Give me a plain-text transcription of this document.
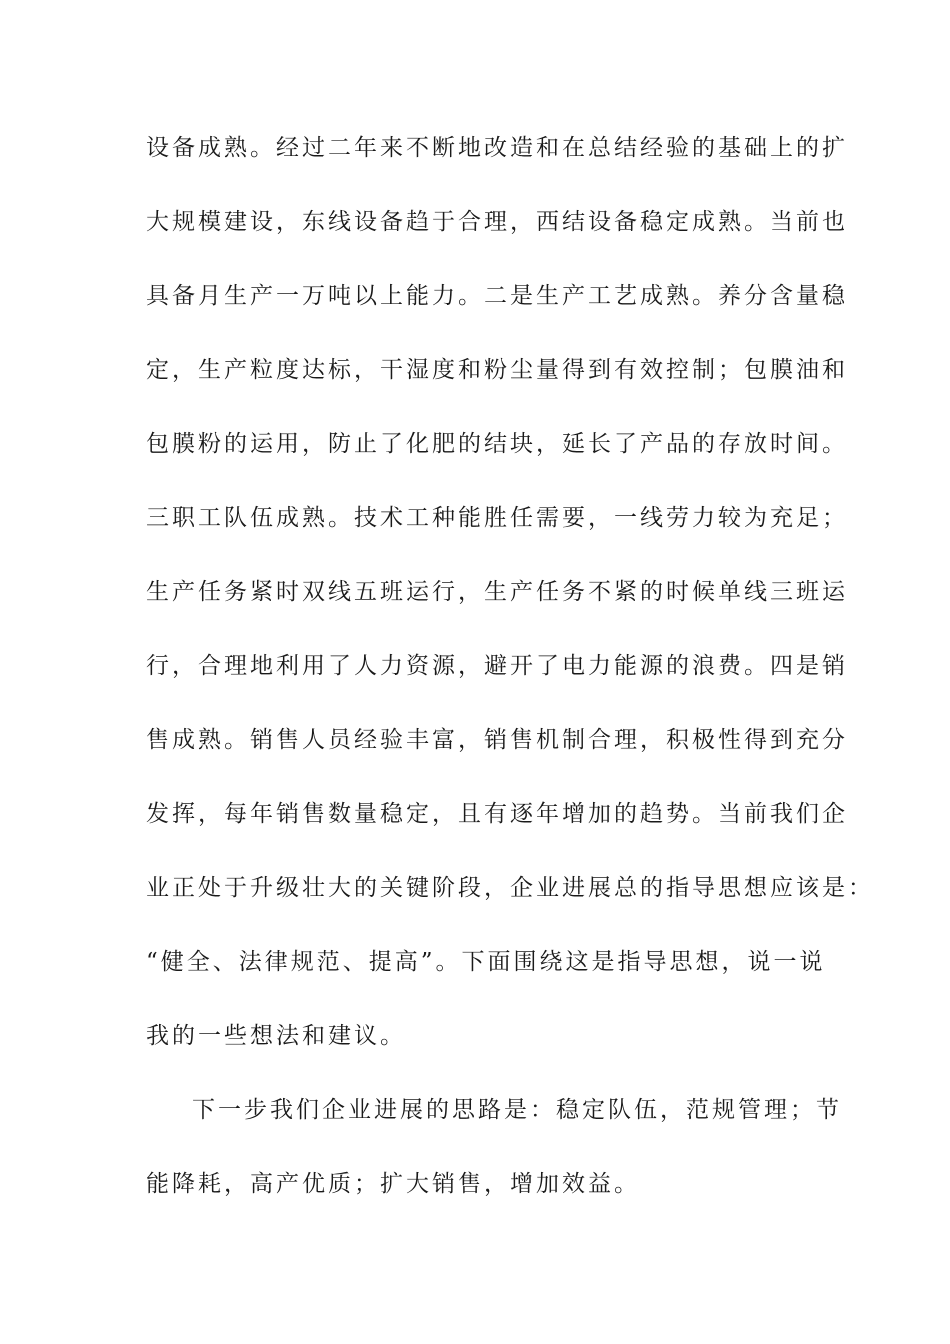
设备成熟。经过二年来不断地改造和在总结经验的基础上的扩
大规模建设，东线设备趋于合理，西结设备稳定成熟。当前也
具备月生产一万吨以上能力。二是生产工艺成熟。养分含量稳
定，生产粒度达标，干湿度和粉尘量得到有效控制；包膜油和
包膜粉的运用，防止了化肥的结块，延长了产品的存放时间。
三职工队伍成熟。技术工种能胜任需要，一线劳力较为充足；
生产任务紧时双线五班运行，生产任务不紧的时候单线三班运
行，合理地利用了人力资源，避开了电力能源的浪费。四是销
售成熟。销售人员经验丰富，销售机制合理，积极性得到充分
发挥，每年销售数量稳定，且有逐年增加的趋势。当前我们企
业正处于升级壮大的关键阶段，企业进展总的指导思想应该是：
“健全、法律规范、提高”。下面围绕这是指导思想，说一说
我的一些想法和建议。
下一步我们企业进展的思路是：稳定队伍，范规管理；节
能降耗，高产优质；扩大销售，增加效益。
